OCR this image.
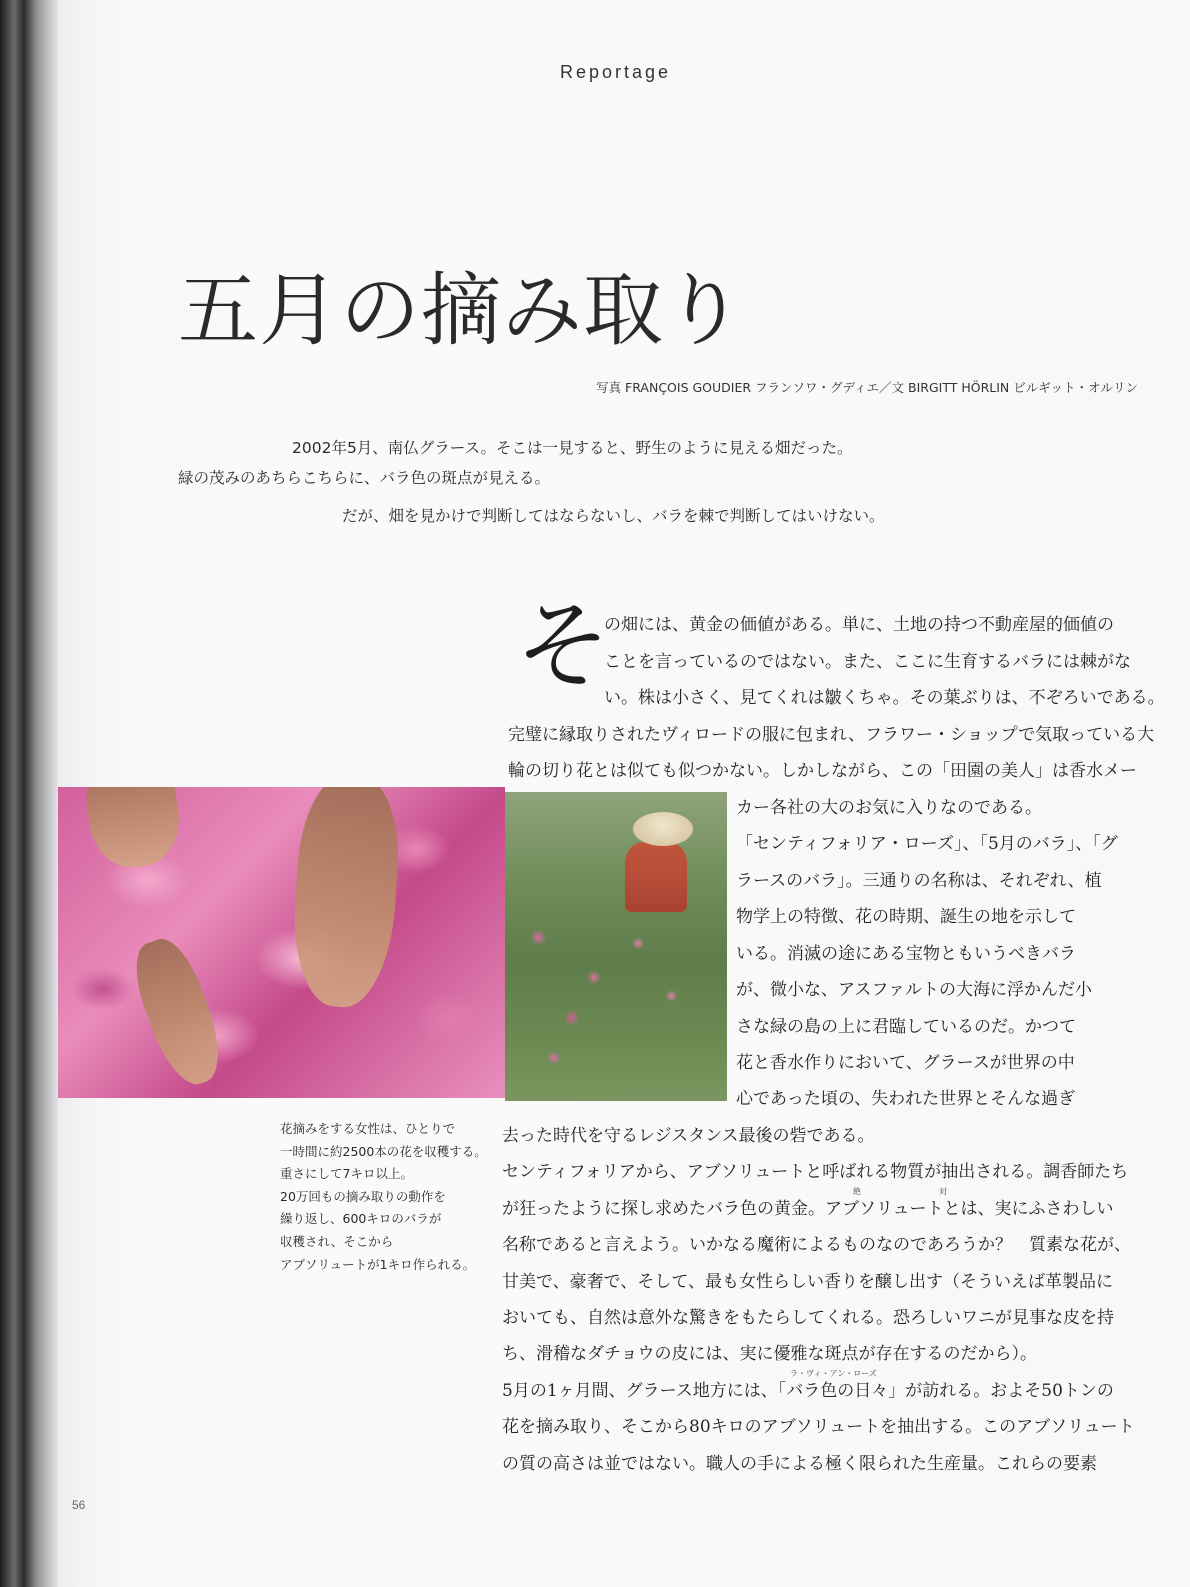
Reportage
五月の摘み取り
写真 FRANÇOIS GOUDIER フランソワ・グディエ／文 BIRGITT HÖRLIN ビルギット・オルリン
2002年5月、南仏グラース。そこは一見すると、野生のように見える畑だった。
緑の茂みのあちらこちらに、バラ色の斑点が見える。
だが、畑を見かけで判断してはならないし、バラを棘で判断してはいけない。
そ
の畑には、黄金の価値がある。単に、土地の持つ不動産屋的価値の
ことを言っているのではない。また、ここに生育するバラには棘がな
い。株は小さく、見てくれは皺くちゃ。その葉ぶりは、不ぞろいである。
完璧に縁取りされたヴィロードの服に包まれ、フラワー・ショップで気取っている大
輪の切り花とは似ても似つかない。しかしながら、この「田園の美人」は香水メー
カー各社の大のお気に入りなのである。
「センティフォリア・ローズ」、「5月のバラ」、「グ
ラースのバラ」。三通りの名称は、それぞれ、植
物学上の特徴、花の時期、誕生の地を示して
いる。消滅の途にある宝物ともいうべきバラ
が、微小な、アスファルトの大海に浮かんだ小
さな緑の島の上に君臨しているのだ。かつて
花と香水作りにおいて、グラースが世界の中
心であった頃の、失われた世界とそんな過ぎ
去った時代を守るレジスタンス最後の砦である。
センティフォリアから、アブソリュートと呼ばれる物質が抽出される。調香師たち
が狂ったように探し求めたバラ色の黄金。アブソリュートとは、実にふさわしい
名称であると言えよう。いかなる魔術によるものなのであろうか？　質素な花が、
甘美で、豪奢で、そして、最も女性らしい香りを醸し出す（そういえば革製品に
おいても、自然は意外な驚きをもたらしてくれる。恐ろしいワニが見事な皮を持
ち、滑稽なダチョウの皮には、実に優雅な斑点が存在するのだから）。
5月の1ヶ月間、グラース地方には、「バラ色の日々」が訪れる。およそ50トンの
花を摘み取り、そこから80キロのアブソリュートを抽出する。このアブソリュート
の質の高さは並ではない。職人の手による極く限られた生産量。これらの要素
絶	対
ラ・ヴィ・アン・ローズ
花摘みをする女性は、ひとりで
一時間に約2500本の花を収穫する。
重さにして7キロ以上。
20万回もの摘み取りの動作を
繰り返し、600キロのバラが
収穫され、そこから
アブソリュートが1キロ作られる。
56
